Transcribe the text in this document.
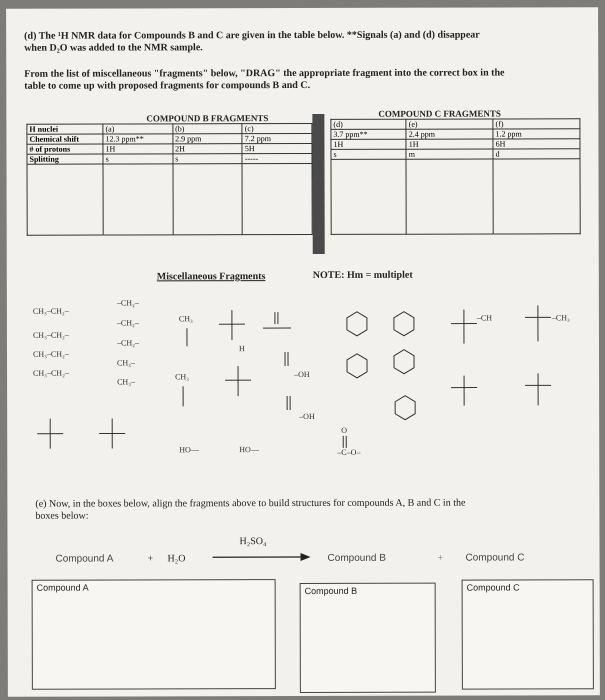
(d) The ¹H NMR data for Compounds B and C are given in the table below. **Signals (a) and (d) disappear
when D₂O was added to the NMR sample.
From the list of miscellaneous "fragments" below, "DRAG" the appropriate fragment into the correct box in the
table to come up with proposed fragments for compounds B and C.
COMPOUND B FRAGMENTS	COMPOUND C FRAGMENTS
H nuclei	(a)	(b)	(c)
Chemical shift	12.3 ppm**	2.9 ppm	7.2 ppm
# of protons	1H	2H	5H
Splitting	s	s	-----

(d)	(e)	(f)
3.7 ppm**	2.4 ppm	1.2 ppm
1H	1H	6H
s	m	d

Miscellaneous Fragments	NOTE: Hm = multiplet
CH₃–CH₂–
CH₃–CH₂–
CH₃–CH₂–
CH₃–CH₂–
–CH₂–
–CH₂–
–CH₂–
CH₃–
CH₃–
CH₃
CH₃
H
–OH
–OH
HO—	HO—
O
–C–O–
–CH	–CH₃
(e) Now, in the boxes below, align the fragments above to build structures for compounds A, B and C in the
boxes below:
Compound A	+ H₂O
H₂SO₄
Compound B	+ Compound C
Compound A	Compound B	Compound C
